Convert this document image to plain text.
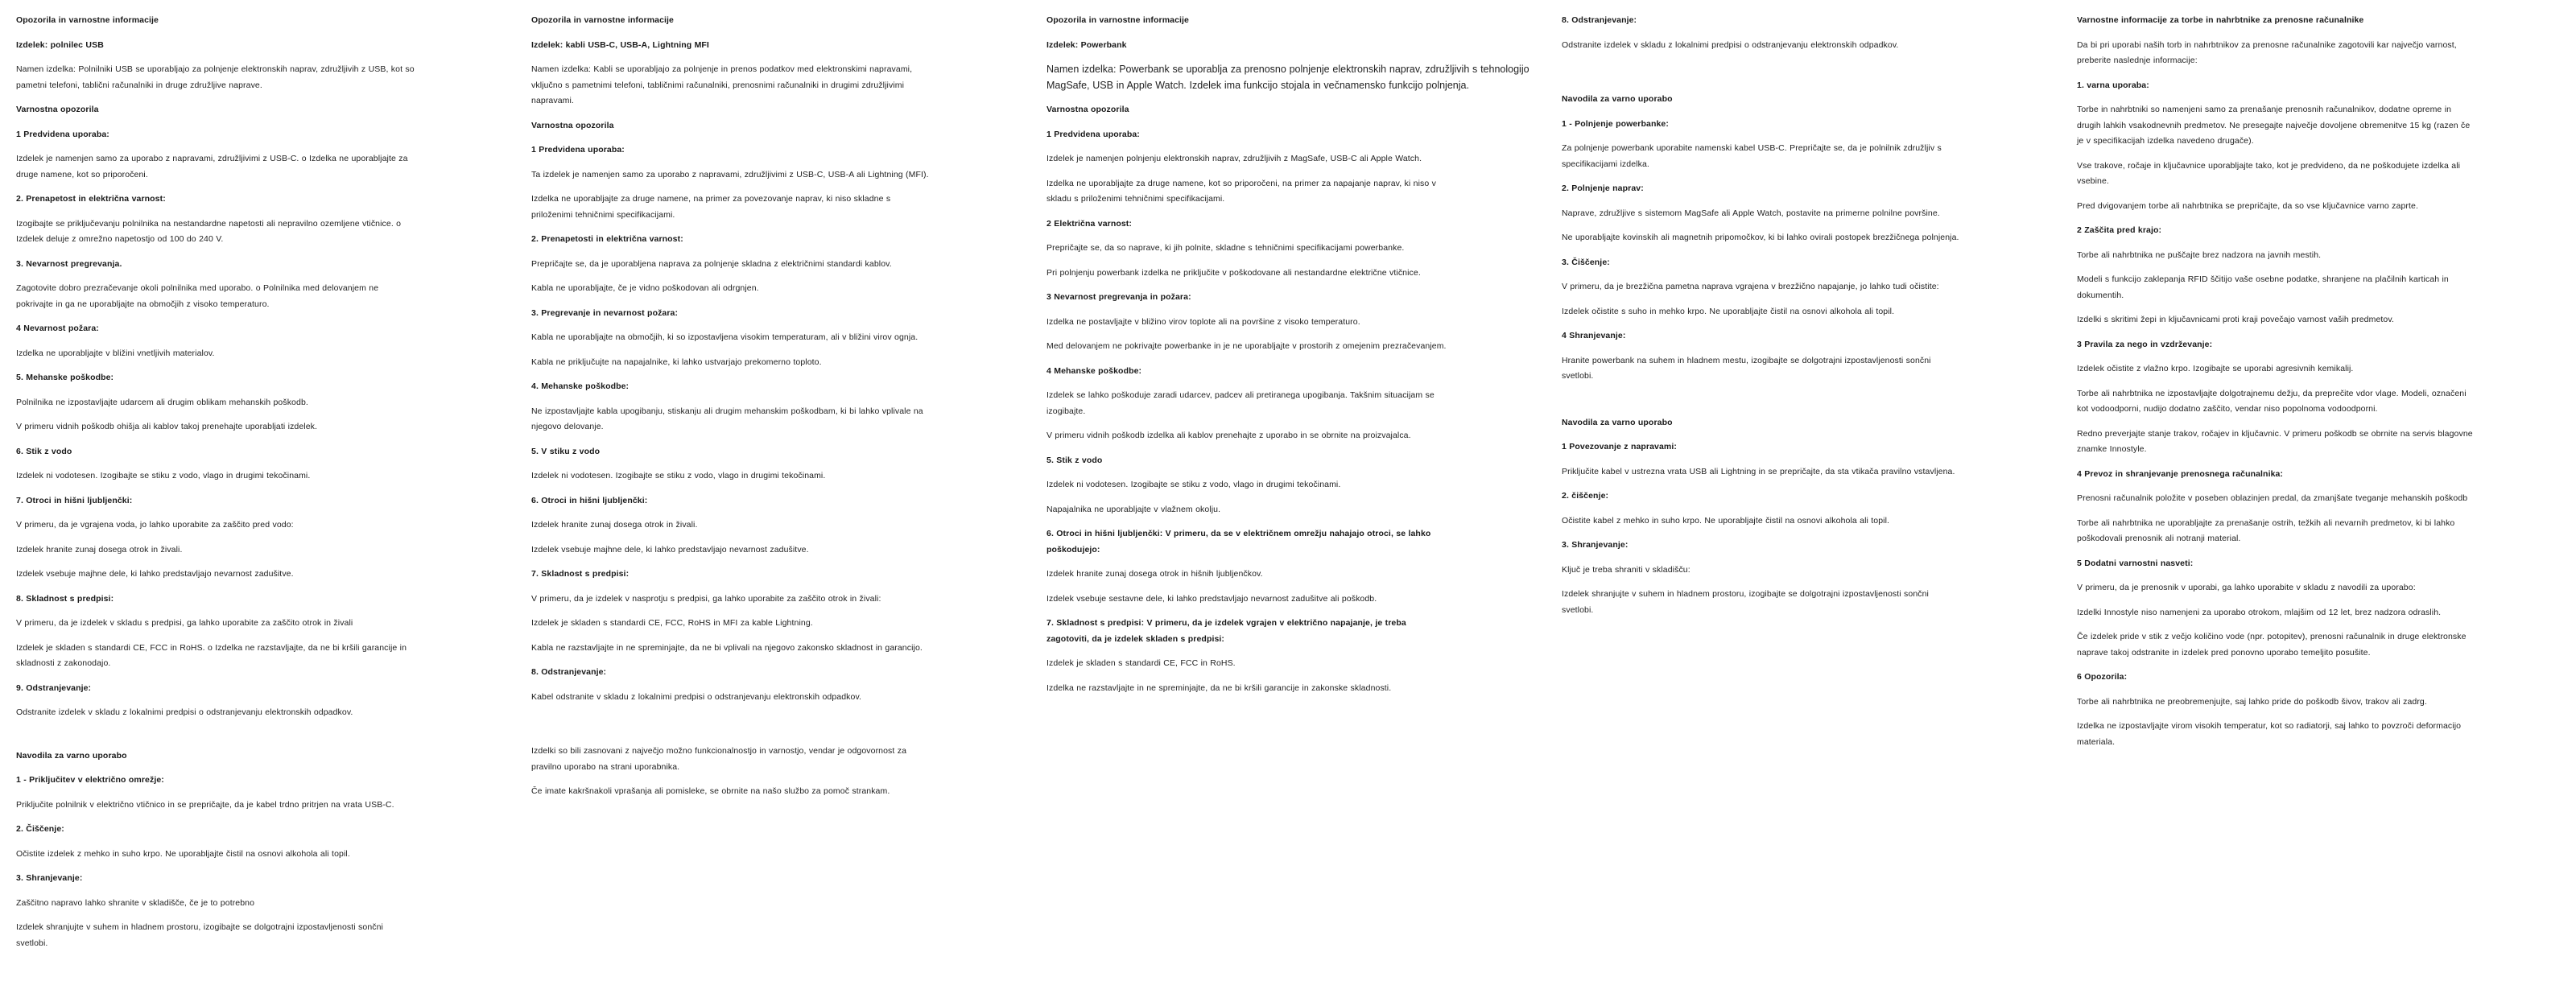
Opozorila in varnostne informacije
Izdelek: polnilec USB

Namen izdelka: Polnilniki USB se uporabljajo za polnjenje elektronskih naprav, združljivih z USB, kot so pametni telefoni, tablični računalniki in druge združljive naprave.

Varnostna opozorila
1 Predvidena uporaba:

Izdelek je namenjen samo za uporabo z napravami, združljivimi z USB-C. o Izdelka ne uporabljajte za druge namene, kot so priporočeni.

2. Prenapetost in električna varnost:

Izogibajte se priključevanju polnilnika na nestandardne napetosti ali nepravilno ozemljene vtičnice. o Izdelek deluje z omrežno napetostjo od 100 do 240 V.

3. Nevarnost pregrevanja.

Zagotovite dobro prezračevanje okoli polnilnika med uporabo. o Polnilnika med delovanjem ne pokrivajte in ga ne uporabljajte na območjih z visoko temperaturo.

4 Nevarnost požara:

Izdelka ne uporabljajte v bližini vnetljivih materialov.

5. Mehanske poškodbe:

Polnilnika ne izpostavljajte udarcem ali drugim oblikam mehanskih poškodb.

V primeru vidnih poškodb ohišja ali kablov takoj prenehajte uporabljati izdelek.

6. Stik z vodo

Izdelek ni vodotesen. Izogibajte se stiku z vodo, vlago in drugimi tekočinami.

7. Otroci in hišni ljubljenčki:

V primeru, da je vgrajena voda, jo lahko uporabite za zaščito pred vodo:

Izdelek hranite zunaj dosega otrok in živali.

Izdelek vsebuje majhne dele, ki lahko predstavljajo nevarnost zadušitve.

8. Skladnost s predpisi:

V primeru, da je izdelek v skladu s predpisi, ga lahko uporabite za zaščito otrok in živali

Izdelek je skladen s standardi CE, FCC in RoHS. o Izdelka ne razstavljajte, da ne bi kršili garancije in skladnosti z zakonodajo.

9. Odstranjevanje:

Odstranite izdelek v skladu z lokalnimi predpisi o odstranjevanju elektronskih odpadkov.

Navodila za varno uporabo
1 - Priključitev v električno omrežje:

Priključite polnilnik v električno vtičnico in se prepričajte, da je kabel trdno pritrjen na vrata USB-C.

2. Čiščenje:

Očistite izdelek z mehko in suho krpo. Ne uporabljajte čistil na osnovi alkohola ali topil.

3. Shranjevanje:

Zaščitno napravo lahko shranite v skladišče, če je to potrebno

Izdelek shranjujte v suhem in hladnem prostoru, izogibajte se dolgotrajni izpostavljenosti sončni svetlobi.

Opozorila in varnostne informacije
Izdelek: kabli USB-C, USB-A, Lightning MFI

Namen izdelka: Kabli se uporabljajo za polnjenje in prenos podatkov med elektronskimi napravami, vključno s pametnimi telefoni, tabličnimi računalniki, prenosnimi računalniki in drugimi združljivimi napravami.

Varnostna opozorila
1 Predvidena uporaba:

Ta izdelek je namenjen samo za uporabo z napravami, združljivimi z USB-C, USB-A ali Lightning (MFI).

Izdelka ne uporabljajte za druge namene, na primer za povezovanje naprav, ki niso skladne s priloženimi tehničnimi specifikacijami.

2. Prenapetosti in električna varnost:

Prepričajte se, da je uporabljena naprava za polnjenje skladna z električnimi standardi kablov.

Kabla ne uporabljajte, če je vidno poškodovan ali odrgnjen.

3. Pregrevanje in nevarnost požara:

Kabla ne uporabljajte na območjih, ki so izpostavljena visokim temperaturam, ali v bližini virov ognja.

Kabla ne priključujte na napajalnike, ki lahko ustvarjajo prekomerno toploto.

4. Mehanske poškodbe:

Ne izpostavljajte kabla upogibanju, stiskanju ali drugim mehanskim poškodbam, ki bi lahko vplivale na njegovo delovanje.

5. V stiku z vodo

Izdelek ni vodotesen. Izogibajte se stiku z vodo, vlago in drugimi tekočinami.

6. Otroci in hišni ljubljenčki:

Izdelek hranite zunaj dosega otrok in živali.

Izdelek vsebuje majhne dele, ki lahko predstavljajo nevarnost zadušitve.

7. Skladnost s predpisi:

V primeru, da je izdelek v nasprotju s predpisi, ga lahko uporabite za zaščito otrok in živali:

Izdelek je skladen s standardi CE, FCC, RoHS in MFI za kable Lightning.

Kabla ne razstavljajte in ne spreminjajte, da ne bi vplivali na njegovo zakonsko skladnost in garancijo.

8. Odstranjevanje:

Kabel odstranite v skladu z lokalnimi predpisi o odstranjevanju elektronskih odpadkov.

Izdelki so bili zasnovani z največjo možno funkcionalnostjo in varnostjo, vendar je odgovornost za pravilno uporabo na strani uporabnika.

Če imate kakršnakoli vprašanja ali pomisleke, se obrnite na našo službo za pomoč strankam.

Opozorila in varnostne informacije
Izdelek: Powerbank

Namen izdelka: Powerbank se uporablja za prenosno polnjenje elektronskih naprav, združljivih s tehnologijo MagSafe, USB in Apple Watch. Izdelek ima funkcijo stojala in večnamensko funkcijo polnjenja.

Varnostna opozorila
1 Predvidena uporaba:

Izdelek je namenjen polnjenju elektronskih naprav, združljivih z MagSafe, USB-C ali Apple Watch.

Izdelka ne uporabljajte za druge namene, kot so priporočeni, na primer za napajanje naprav, ki niso v skladu s priloženimi tehničnimi specifikacijami.

2 Električna varnost:

Prepričajte se, da so naprave, ki jih polnite, skladne s tehničnimi specifikacijami powerbanke.

Pri polnjenju powerbank izdelka ne priključite v poškodovane ali nestandardne električne vtičnice.

3 Nevarnost pregrevanja in požara:

Izdelka ne postavljajte v bližino virov toplote ali na površine z visoko temperaturo.

Med delovanjem ne pokrivajte powerbanke in je ne uporabljajte v prostorih z omejenim prezračevanjem.

4 Mehanske poškodbe:

Izdelek se lahko poškoduje zaradi udarcev, padcev ali pretiranega upogibanja. Takšnim situacijam se izogibajte.

V primeru vidnih poškodb izdelka ali kablov prenehajte z uporabo in se obrnite na proizvajalca.

5. Stik z vodo

Izdelek ni vodotesen. Izogibajte se stiku z vodo, vlago in drugimi tekočinami.

Napajalnika ne uporabljajte v vlažnem okolju.

6. Otroci in hišni ljubljenčki: V primeru, da se v električnem omrežju nahajajo otroci, se lahko poškodujejo:

Izdelek hranite zunaj dosega otrok in hišnih ljubljenčkov.

Izdelek vsebuje sestavne dele, ki lahko predstavljajo nevarnost zadušitve ali poškodb.

7. Skladnost s predpisi: V primeru, da je izdelek vgrajen v električno napajanje, je treba zagotoviti, da je izdelek skladen s predpisi:

Izdelek je skladen s standardi CE, FCC in RoHS.

Izdelka ne razstavljajte in ne spreminjajte, da ne bi kršili garancije in zakonske skladnosti.

8. Odstranjevanje:

Odstranite izdelek v skladu z lokalnimi predpisi o odstranjevanju elektronskih odpadkov.

Navodila za varno uporabo
1 - Polnjenje powerbanke:

Za polnjenje powerbank uporabite namenski kabel USB-C. Prepričajte se, da je polnilnik združljiv s specifikacijami izdelka.

2. Polnjenje naprav:

Naprave, združljive s sistemom MagSafe ali Apple Watch, postavite na primerne polnilne površine.

Ne uporabljajte kovinskih ali magnetnih pripomočkov, ki bi lahko ovirali postopek brezžičnega polnjenja.

3. Čiščenje:

V primeru, da je brezžična pametna naprava vgrajena v brezžično napajanje, jo lahko tudi očistite:

Izdelek očistite s suho in mehko krpo. Ne uporabljajte čistil na osnovi alkohola ali topil.

4 Shranjevanje:

Hranite powerbank na suhem in hladnem mestu, izogibajte se dolgotrajni izpostavljenosti sončni svetlobi.

Navodila za varno uporabo
1 Povezovanje z napravami:

Priključite kabel v ustrezna vrata USB ali Lightning in se prepričajte, da sta vtikača pravilno vstavljena.

2. čiščenje:

Očistite kabel z mehko in suho krpo. Ne uporabljajte čistil na osnovi alkohola ali topil.

3. Shranjevanje:

Ključ je treba shraniti v skladišču:

Izdelek shranjujte v suhem in hladnem prostoru, izogibajte se dolgotrajni izpostavljenosti sončni svetlobi.

Varnostne informacije za torbe in nahrbtnike za prenosne računalnike

Da bi pri uporabi naših torb in nahrbtnikov za prenosne računalnike zagotovili kar največjo varnost, preberite naslednje informacije:

1. varna uporaba:

Torbe in nahrbtniki so namenjeni samo za prenašanje prenosnih računalnikov, dodatne opreme in drugih lahkih vsakodnevnih predmetov. Ne presegajte največje dovoljene obremenitve 15 kg (razen če je v specifikacijah izdelka navedeno drugače).

Vse trakove, ročaje in ključavnice uporabljajte tako, kot je predvideno, da ne poškodujete izdelka ali vsebine.

Pred dvigovanjem torbe ali nahrbtnika se prepričajte, da so vse ključavnice varno zaprte.

2 Zaščita pred krajo:

Torbe ali nahrbtnika ne puščajte brez nadzora na javnih mestih.

Modeli s funkcijo zaklepanja RFID ščitijo vaše osebne podatke, shranjene na plačilnih karticah in dokumentih.

Izdelki s skritimi žepi in ključavnicami proti kraji povečajo varnost vaših predmetov.

3 Pravila za nego in vzdrževanje:

Izdelek očistite z vlažno krpo. Izogibajte se uporabi agresivnih kemikalij.

Torbe ali nahrbtnika ne izpostavljajte dolgotrajnemu dežju, da preprečite vdor vlage. Modeli, označeni kot vodoodporni, nudijo dodatno zaščito, vendar niso popolnoma vodoodporni.

Redno preverjajte stanje trakov, ročajev in ključavnic. V primeru poškodb se obrnite na servis blagovne znamke Innostyle.

4 Prevoz in shranjevanje prenosnega računalnika:

Prenosni računalnik položite v poseben oblazinjen predal, da zmanjšate tveganje mehanskih poškodb

Torbe ali nahrbtnika ne uporabljajte za prenašanje ostrih, težkih ali nevarnih predmetov, ki bi lahko poškodovali prenosnik ali notranji material.

5 Dodatni varnostni nasveti:

V primeru, da je prenosnik v uporabi, ga lahko uporabite v skladu z navodili za uporabo:

Izdelki Innostyle niso namenjeni za uporabo otrokom, mlajšim od 12 let, brez nadzora odraslih.

Če izdelek pride v stik z večjo količino vode (npr. potopitev), prenosni računalnik in druge elektronske naprave takoj odstranite in izdelek pred ponovno uporabo temeljito posušite.

6 Opozorila:

Torbe ali nahrbtnika ne preobremenjujte, saj lahko pride do poškodb šivov, trakov ali zadrg.

Izdelka ne izpostavljajte virom visokih temperatur, kot so radiatorji, saj lahko to povzroči deformacijo materiala.
